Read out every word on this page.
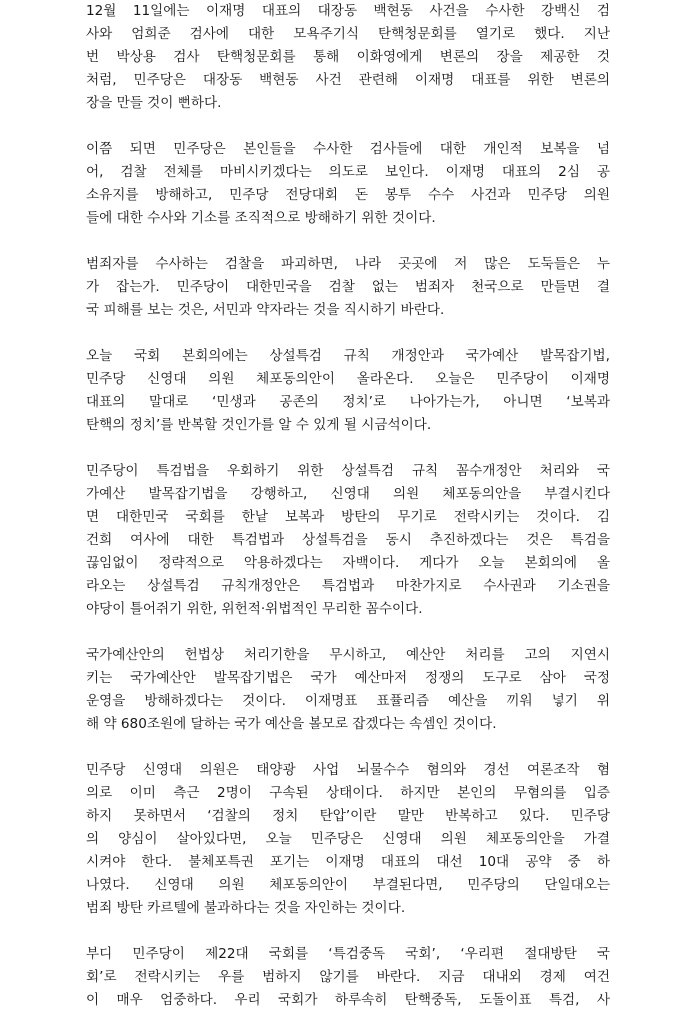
12월 11일에는 이재명 대표의 대장동 백현동 사건을 수사한 강백신 검
사와 엄희준 검사에 대한 모욕주기식 탄핵청문회를 열기로 했다. 지난
번 박상용 검사 탄핵청문회를 통해 이화영에게 변론의 장을 제공한 것
처럼, 민주당은 대장동 백현동 사건 관련해 이재명 대표를 위한 변론의
장을 만들 것이 뻔하다.
이쯤 되면 민주당은 본인들을 수사한 검사들에 대한 개인적 보복을 넘
어, 검찰 전체를 마비시키겠다는 의도로 보인다. 이재명 대표의 2심 공
소유지를 방해하고, 민주당 전당대회 돈 봉투 수수 사건과 민주당 의원
들에 대한 수사와 기소를 조직적으로 방해하기 위한 것이다.
범죄자를 수사하는 검찰을 파괴하면, 나라 곳곳에 저 많은 도둑들은 누
가 잡는가. 민주당이 대한민국을 검찰 없는 범죄자 천국으로 만들면 결
국 피해를 보는 것은, 서민과 약자라는 것을 직시하기 바란다.
오늘 국회 본회의에는 상설특검 규칙 개정안과 국가예산 발목잡기법,
민주당 신영대 의원 체포동의안이 올라온다. 오늘은 민주당이 이재명
대표의 말대로 ‘민생과 공존의 정치’로 나아가는가, 아니면 ‘보복과
탄핵의 정치’를 반복할 것인가를 알 수 있게 될 시금석이다.
민주당이 특검법을 우회하기 위한 상설특검 규칙 꼼수개정안 처리와 국
가예산 발목잡기법을 강행하고, 신영대 의원 체포동의안을 부결시킨다
면 대한민국 국회를 한낱 보복과 방탄의 무기로 전락시키는 것이다. 김
건희 여사에 대한 특검법과 상설특검을 동시 추진하겠다는 것은 특검을
끊임없이 정략적으로 악용하겠다는 자백이다. 게다가 오늘 본회의에 올
라오는 상설특검 규칙개정안은 특검법과 마찬가지로 수사권과 기소권을
야당이 틀어쥐기 위한, 위헌적·위법적인 무리한 꼼수이다.
국가예산안의 헌법상 처리기한을 무시하고, 예산안 처리를 고의 지연시
키는 국가예산안 발목잡기법은 국가 예산마저 정쟁의 도구로 삼아 국정
운영을 방해하겠다는 것이다. 이재명표 표퓰리즘 예산을 끼워 넣기 위
해 약 680조원에 달하는 국가 예산을 볼모로 잡겠다는 속셈인 것이다.
민주당 신영대 의원은 태양광 사업 뇌물수수 혐의와 경선 여론조작 혐
의로 이미 측근 2명이 구속된 상태이다. 하지만 본인의 무혐의를 입증
하지 못하면서 ‘검찰의 정치 탄압’이란 말만 반복하고 있다. 민주당
의 양심이 살아있다면, 오늘 민주당은 신영대 의원 체포동의안을 가결
시켜야 한다. 불체포특권 포기는 이재명 대표의 대선 10대 공약 중 하
나였다. 신영대 의원 체포동의안이 부결된다면, 민주당의 단일대오는
범죄 방탄 카르텔에 불과하다는 것을 자인하는 것이다.
부디 민주당이 제22대 국회를 ‘특검중독 국회’, ‘우리편 절대방탄 국
회’로 전락시키는 우를 범하지 않기를 바란다. 지금 대내외 경제 여건
이 매우 엄중하다. 우리 국회가 하루속히 탄핵중독, 도돌이표 특검, 사
